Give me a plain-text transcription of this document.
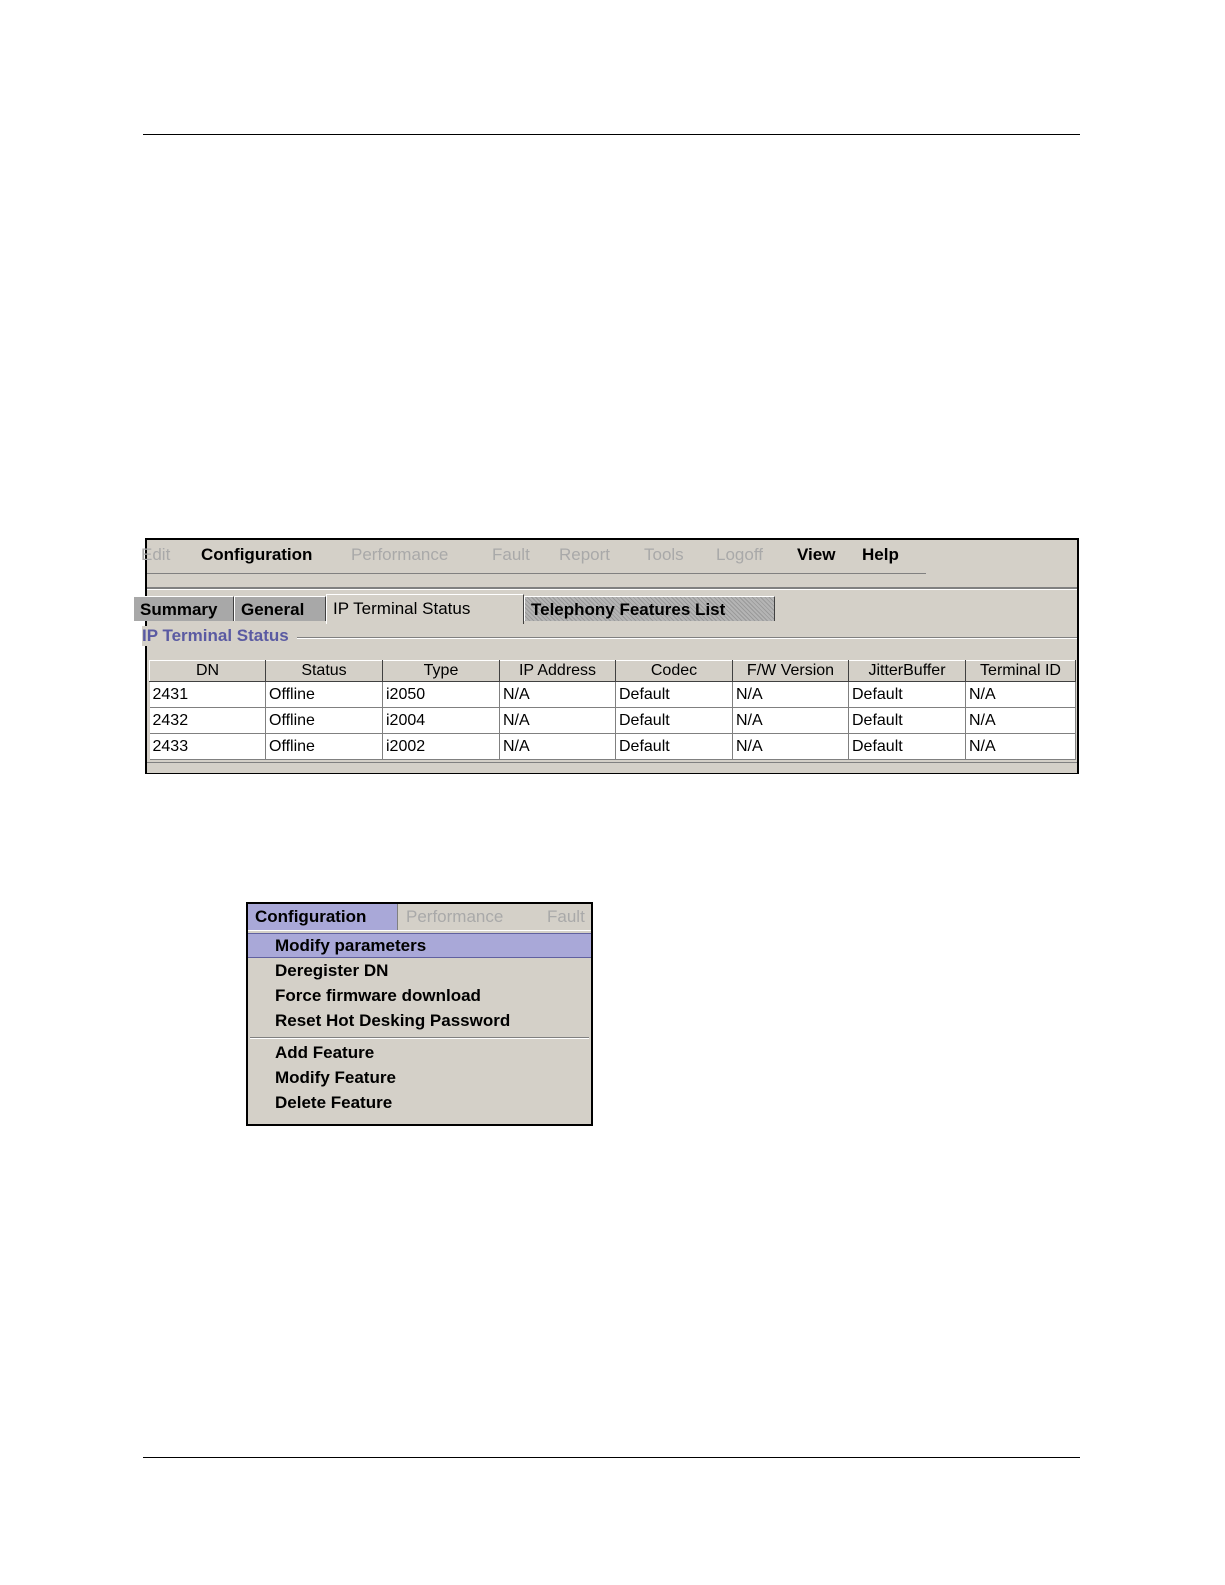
Edit Configuration Performance	Fault Report Tools Logoff View Help
Summary	General	IP Terminal Status	Telephony Features List
IP Terminal Status
DN	Status	Type	IP Address	Codec	F/W Version	JitterBuffer	Terminal ID
2431	Offline	i2050	N/A	Default	N/A	Default	N/A
2432	Offline	i2004	N/A	Default	N/A	Default	N/A
2433	Offline	i2002	N/A	Default	N/A	Default	N/A
Configuration	Performance	Fault
Modify parameters
Deregister DN
Force firmware download
Reset Hot Desking Password
Add Feature
Modify Feature
Delete Feature
